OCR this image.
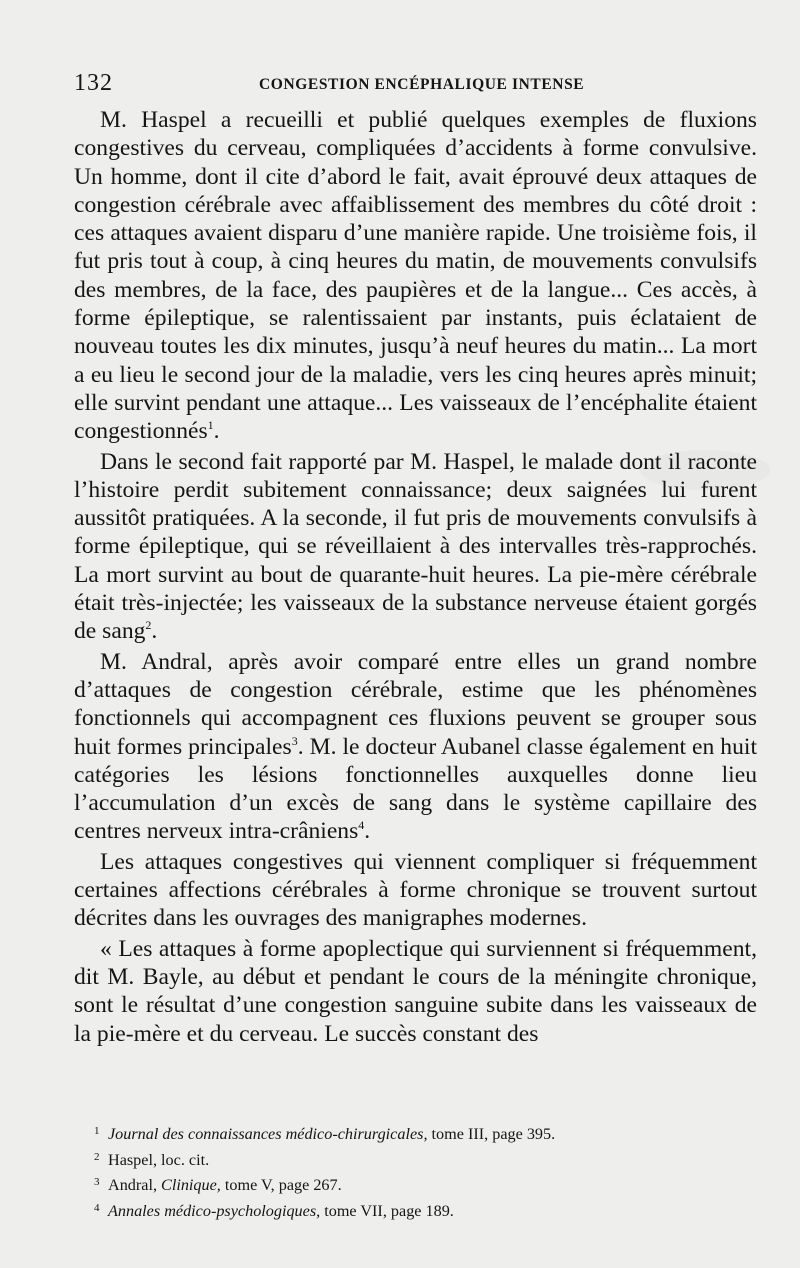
132	CONGESTION ENCÉPHALIQUE INTENSE

M. Haspel a recueilli et publié quelques exemples de fluxions congestives du cerveau, compliquées d’accidents à forme convulsive. Un homme, dont il cite d’abord le fait, avait éprouvé deux attaques de congestion cérébrale avec affaiblissement des membres du côté droit : ces attaques avaient disparu d’une manière rapide. Une troisième fois, il fut pris tout à coup, à cinq heures du matin, de mouvements convulsifs des membres, de la face, des paupières et de la langue... Ces accès, à forme épileptique, se ralentissaient par instants, puis éclataient de nouveau toutes les dix minutes, jusqu’à neuf heures du matin... La mort a eu lieu le second jour de la maladie, vers les cinq heures après minuit; elle survint pendant une attaque... Les vaisseaux de l’encéphalite étaient congestionnés$^1$.

Dans le second fait rapporté par M. Haspel, le malade dont il raconte l’histoire perdit subitement connaissance; deux saignées lui furent aussitôt pratiquées. A la seconde, il fut pris de mouvements convulsifs à forme épileptique, qui se réveillaient à des intervalles très-rapprochés. La mort survint au bout de quarante-huit heures. La pie-mère cérébrale était très-injectée; les vaisseaux de la substance nerveuse étaient gorgés de sang$^2$.

M. Andral, après avoir comparé entre elles un grand nombre d’attaques de congestion cérébrale, estime que les phénomènes fonctionnels qui accompagnent ces fluxions peuvent se grouper sous huit formes principales$^3$. M. le docteur Aubanel classe également en huit catégories les lésions fonctionnelles auxquelles donne lieu l’accumulation d’un excès de sang dans le système capillaire des centres nerveux intra-crâniens$^4$.

Les attaques congestives qui viennent compliquer si fréquemment certaines affections cérébrales à forme chronique se trouvent surtout décrites dans les ouvrages des manigraphes modernes.

« Les attaques à forme apoplectique qui surviennent si fréquemment, dit M. Bayle, au début et pendant le cours de la méningite chronique, sont le résultat d’une congestion sanguine subite dans les vaisseaux de la pie-mère et du cerveau. Le succès constant des

1 Journal des connaissances médico-chirurgicales, tome III, page 395.
2 Haspel, loc. cit.
3 Andral, Clinique, tome V, page 267.
4 Annales médico-psychologiques, tome VII, page 189.
